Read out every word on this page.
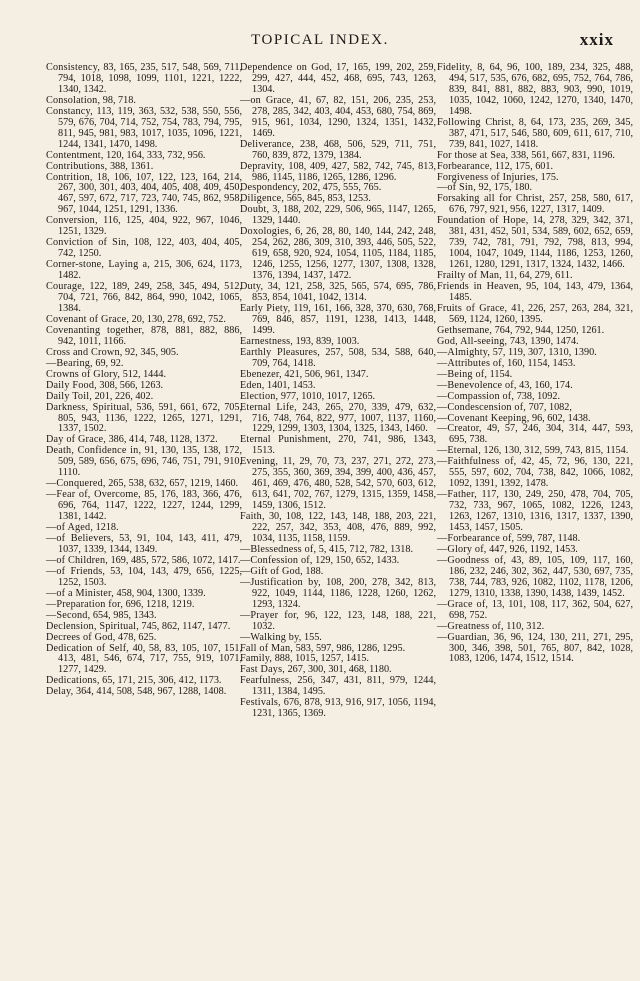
TOPICAL INDEX.	xxix

Consistency, 83, 165, 235, 517, 548, 569, 711, 794, 1018, 1098, 1099, 1101, 1221, 1222, 1340, 1342.

Consolation, 98, 718.

Constancy, 113, 119, 363, 532, 538, 550, 556, 579, 676, 704, 714, 752, 754, 783, 794, 795, 811, 945, 981, 983, 1017, 1035, 1096, 1221, 1244, 1341, 1470, 1498.

Contentment, 120, 164, 333, 732, 956.

Contributions, 388, 1361.

Contrition, 18, 106, 107, 122, 123, 164, 214, 267, 300, 301, 403, 404, 405, 408, 409, 450, 467, 597, 672, 717, 723, 740, 745, 862, 958, 967, 1044, 1251, 1291, 1336.

Conversion, 116, 125, 404, 922, 967, 1046, 1251, 1329.

Conviction of Sin, 108, 122, 403, 404, 405, 742, 1250.

Corner-stone, Laying a, 215, 306, 624, 1173, 1482.

Courage, 122, 189, 249, 258, 345, 494, 512, 704, 721, 766, 842, 864, 990, 1042, 1065, 1384.

Covenant of Grace, 20, 130, 278, 692, 752.

Covenanting together, 878, 881, 882, 886, 942, 1011, 1166.

Cross and Crown, 92, 345, 905.

—Bearing, 69, 92.

Crowns of Glory, 512, 1444.

Daily Food, 308, 566, 1263.

Daily Toil, 201, 226, 402.

Darkness, Spiritual, 536, 591, 661, 672, 705, 805, 943, 1136, 1222, 1265, 1271, 1291, 1337, 1502.

Day of Grace, 386, 414, 748, 1128, 1372.

Death, Confidence in, 91, 130, 135, 138, 172, 509, 589, 656, 675, 696, 746, 751, 791, 910, 1110.

—Conquered, 265, 538, 632, 657, 1219, 1460.

—Fear of, Overcome, 85, 176, 183, 366, 476, 696, 764, 1147, 1222, 1227, 1244, 1299, 1381, 1442.

—of Aged, 1218.

—of Believers, 53, 91, 104, 143, 411, 479, 1037, 1339, 1344, 1349.

—of Children, 169, 485, 572, 586, 1072, 1417.

—of Friends, 53, 104, 143, 479, 656, 1225, 1252, 1503.

—of a Minister, 458, 904, 1300, 1339.

—Preparation for, 696, 1218, 1219.

—Second, 654, 985, 1343.

Declension, Spiritual, 745, 862, 1147, 1477.

Decrees of God, 478, 625.

Dedication of Self, 40, 58, 83, 105, 107, 151, 413, 481, 546, 674, 717, 755, 919, 1071, 1277, 1429.

Dedications, 65, 171, 215, 306, 412, 1173.

Delay, 364, 414, 508, 548, 967, 1288, 1408.

Dependence on God, 17, 165, 199, 202, 259, 299, 427, 444, 452, 468, 695, 743, 1263, 1304.

—on Grace, 41, 67, 82, 151, 206, 235, 253, 278, 285, 342, 403, 404, 453, 680, 754, 869, 915, 961, 1034, 1290, 1324, 1351, 1432, 1469.

Deliverance, 238, 468, 506, 529, 711, 751, 760, 839, 872, 1379, 1384.

Depravity, 108, 409, 427, 582, 742, 745, 813, 986, 1145, 1186, 1265, 1286, 1296.

Despondency, 202, 475, 555, 765.

Diligence, 565, 845, 853, 1253.

Doubt, 3, 188, 202, 229, 506, 965, 1147, 1265, 1329, 1440.

Doxologies, 6, 26, 28, 80, 140, 144, 242, 248, 254, 262, 286, 309, 310, 393, 446, 505, 522, 619, 658, 920, 924, 1054, 1105, 1184, 1185, 1246, 1255, 1256, 1277, 1307, 1308, 1328, 1376, 1394, 1437, 1472.

Duty, 34, 121, 258, 325, 565, 574, 695, 786, 853, 854, 1041, 1042, 1314.

Early Piety, 119, 161, 166, 328, 370, 630, 768, 769, 846, 857, 1191, 1238, 1413, 1448, 1499.

Earnestness, 193, 839, 1003.

Earthly Pleasures, 257, 508, 534, 588, 640, 709, 764, 1418.

Ebenezer, 421, 506, 961, 1347.

Eden, 1401, 1453.

Election, 977, 1010, 1017, 1265.

Eternal Life, 243, 265, 270, 339, 479, 632, 716, 748, 764, 822, 977, 1007, 1137, 1160, 1229, 1299, 1303, 1304, 1325, 1343, 1460.

Eternal Punishment, 270, 741, 986, 1343, 1513.

Evening, 11, 29, 70, 73, 237, 271, 272, 273, 275, 355, 360, 369, 394, 399, 400, 436, 457, 461, 469, 476, 480, 528, 542, 570, 603, 612, 613, 641, 702, 767, 1279, 1315, 1359, 1458, 1459, 1306, 1512.

Faith, 30, 108, 122, 143, 148, 188, 203, 221, 222, 257, 342, 353, 408, 476, 889, 992, 1034, 1135, 1158, 1159.

—Blessedness of, 5, 415, 712, 782, 1318.

—Confession of, 129, 150, 652, 1433.

—Gift of God, 188.

—Justification by, 108, 200, 278, 342, 813, 922, 1049, 1144, 1186, 1228, 1260, 1262, 1293, 1324.

—Prayer for, 96, 122, 123, 148, 188, 221, 1032.

—Walking by, 155.

Fall of Man, 583, 597, 986, 1286, 1295.

Family, 888, 1015, 1257, 1415.

Fast Days, 267, 300, 301, 468, 1180.

Fearfulness, 256, 347, 431, 811, 979, 1244, 1311, 1384, 1495.

Festivals, 676, 878, 913, 916, 917, 1056, 1194, 1231, 1365, 1369.

Fidelity, 8, 64, 96, 100, 189, 234, 325, 488, 494, 517, 535, 676, 682, 695, 752, 764, 786, 839, 841, 881, 882, 883, 903, 990, 1019, 1035, 1042, 1060, 1242, 1270, 1340, 1470, 1498.

Following Christ, 8, 64, 173, 235, 269, 345, 387, 471, 517, 546, 580, 609, 611, 617, 710, 739, 841, 1027, 1418.

For those at Sea, 338, 561, 667, 831, 1196.

Forbearance, 112, 175, 601.

Forgiveness of Injuries, 175.

—of Sin, 92, 175, 180.

Forsaking all for Christ, 257, 258, 580, 617, 676, 797, 921, 956, 1227, 1317, 1409.

Foundation of Hope, 14, 278, 329, 342, 371, 381, 431, 452, 501, 534, 589, 602, 652, 659, 739, 742, 781, 791, 792, 798, 813, 994, 1004, 1047, 1049, 1144, 1186, 1253, 1260, 1261, 1280, 1291, 1317, 1324, 1432, 1466.

Frailty of Man, 11, 64, 279, 611.

Friends in Heaven, 95, 104, 143, 479, 1364, 1485.

Fruits of Grace, 41, 226, 257, 263, 284, 321, 569, 1124, 1260, 1395.

Gethsemane, 764, 792, 944, 1250, 1261.

God, All-seeing, 743, 1390, 1474.

—Almighty, 57, 119, 307, 1310, 1390.

—Attributes of, 160, 1154, 1453.

—Being of, 1154.

—Benevolence of, 43, 160, 174.

—Compassion of, 738, 1092.

—Condescension of, 707, 1082,

—Covenant Keeping, 96, 602, 1438.

—Creator, 49, 57, 246, 304, 314, 447, 593, 695, 738.

—Eternal, 126, 130, 312, 599, 743, 815, 1154.

—Faithfulness of, 42, 45, 72, 96, 130, 221, 555, 597, 602, 704, 738, 842, 1066, 1082, 1092, 1391, 1392, 1478.

—Father, 117, 130, 249, 250, 478, 704, 705, 732, 733, 967, 1065, 1082, 1226, 1243, 1263, 1267, 1310, 1316, 1317, 1337, 1390, 1453, 1457, 1505.

—Forbearance of, 599, 787, 1148.

—Glory of, 447, 926, 1192, 1453.

—Goodness of, 43, 89, 105, 109, 117, 160, 186, 232, 246, 302, 362, 447, 530, 697, 735, 738, 744, 783, 926, 1082, 1102, 1178, 1206, 1279, 1310, 1338, 1390, 1438, 1439, 1452.

—Grace of, 13, 101, 108, 117, 362, 504, 627, 698, 752.

—Greatness of, 110, 312.

—Guardian, 36, 96, 124, 130, 211, 271, 295, 300, 346, 398, 501, 765, 807, 842, 1028, 1083, 1206, 1474, 1512, 1514.
